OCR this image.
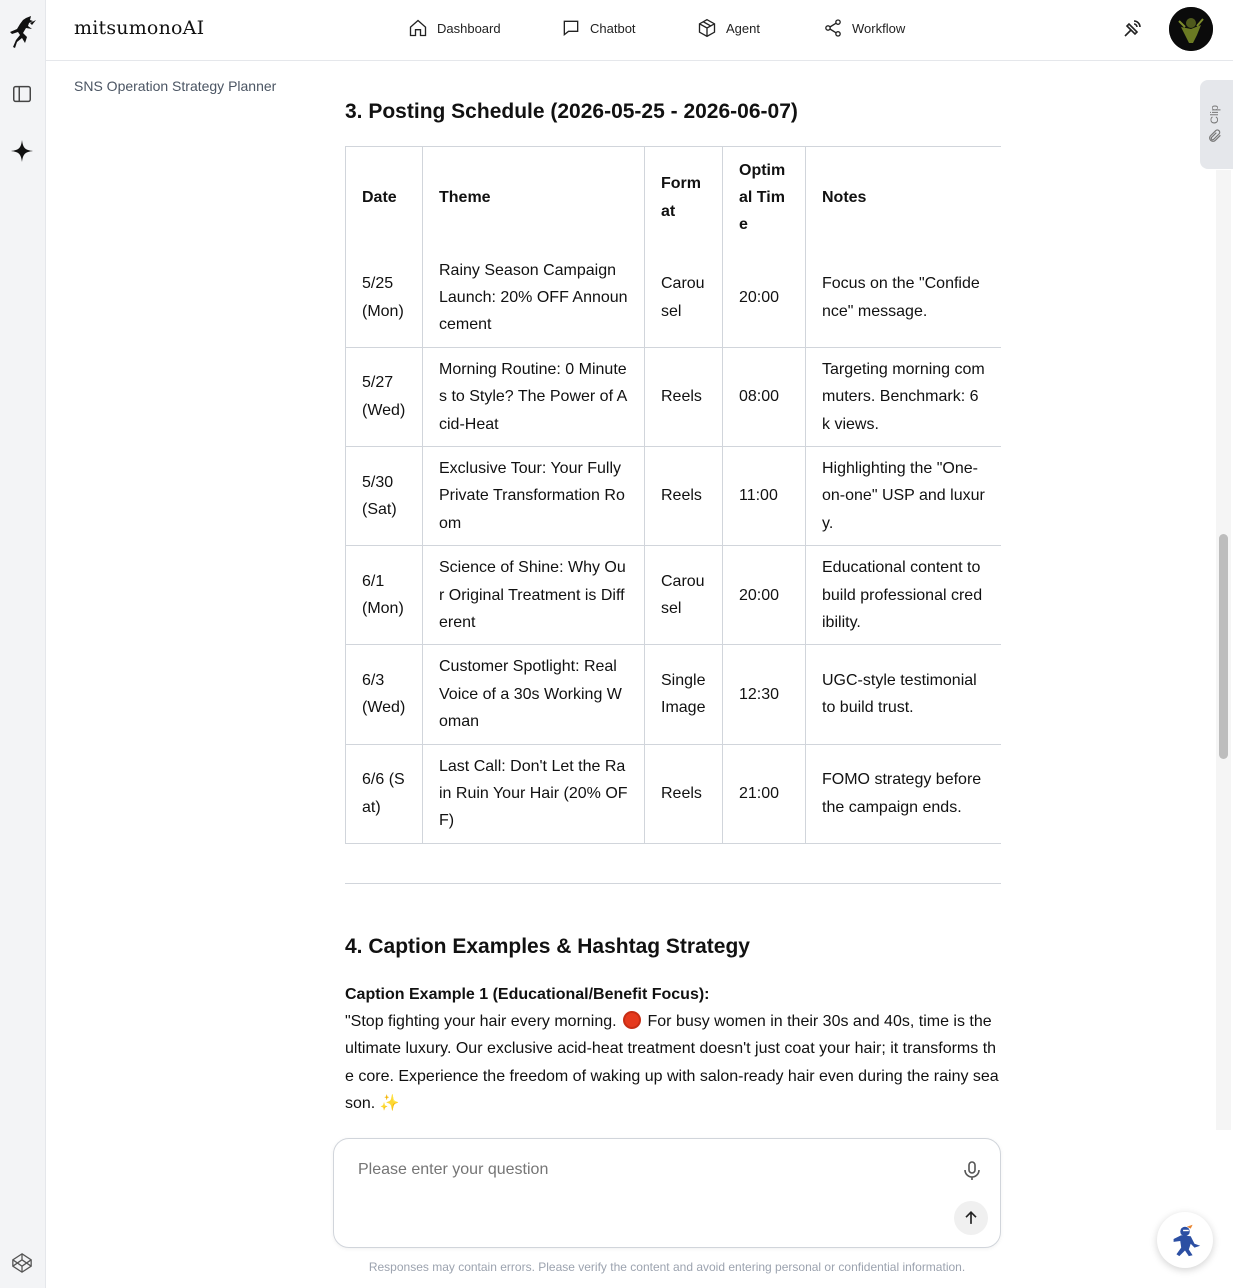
mitsumonoAI	Dashboard	Chatbot	Agent	Workflow
SNS Operation Strategy Planner
3. Posting Schedule (2026-05-25 - 2026-06-07)
Date	Theme	Format	Optimal Time	Notes
5/25 (Mon)	Rainy Season Campaign Launch: 20% OFF Announcement	Carousel	20:00	Focus on the "Confidence" message.
5/27 (Wed)	Morning Routine: 0 Minutes to Style? The Power of Acid-Heat	Reels	08:00	Targeting morning commuters. Benchmark: 6k views.
5/30 (Sat)	Exclusive Tour: Your Fully Private Transformation Room	Reels	11:00	Highlighting the "One-on-one" USP and luxury.
6/1 (Mon)	Science of Shine: Why Our Original Treatment is Different	Carousel	20:00	Educational content to build professional credibility.
6/3 (Wed)	Customer Spotlight: Real Voice of a 30s Working Woman	Single Image	12:30	UGC-style testimonial to build trust.
6/6 (Sat)	Last Call: Don't Let the Rain Ruin Your Hair (20% OFF)	Reels	21:00	FOMO strategy before the campaign ends.
4. Caption Examples & Hashtag Strategy
Caption Example 1 (Educational/Benefit Focus):
"Stop fighting your hair every morning.  For busy women in their 30s and 40s, time is the ultimate luxury. Our exclusive acid-heat treatment doesn't just coat your hair; it transforms the core. Experience the freedom of waking up with salon-ready hair even during the rainy season. ✨
Clip
Please enter your question
Responses may contain errors. Please verify the content and avoid entering personal or confidential information.
